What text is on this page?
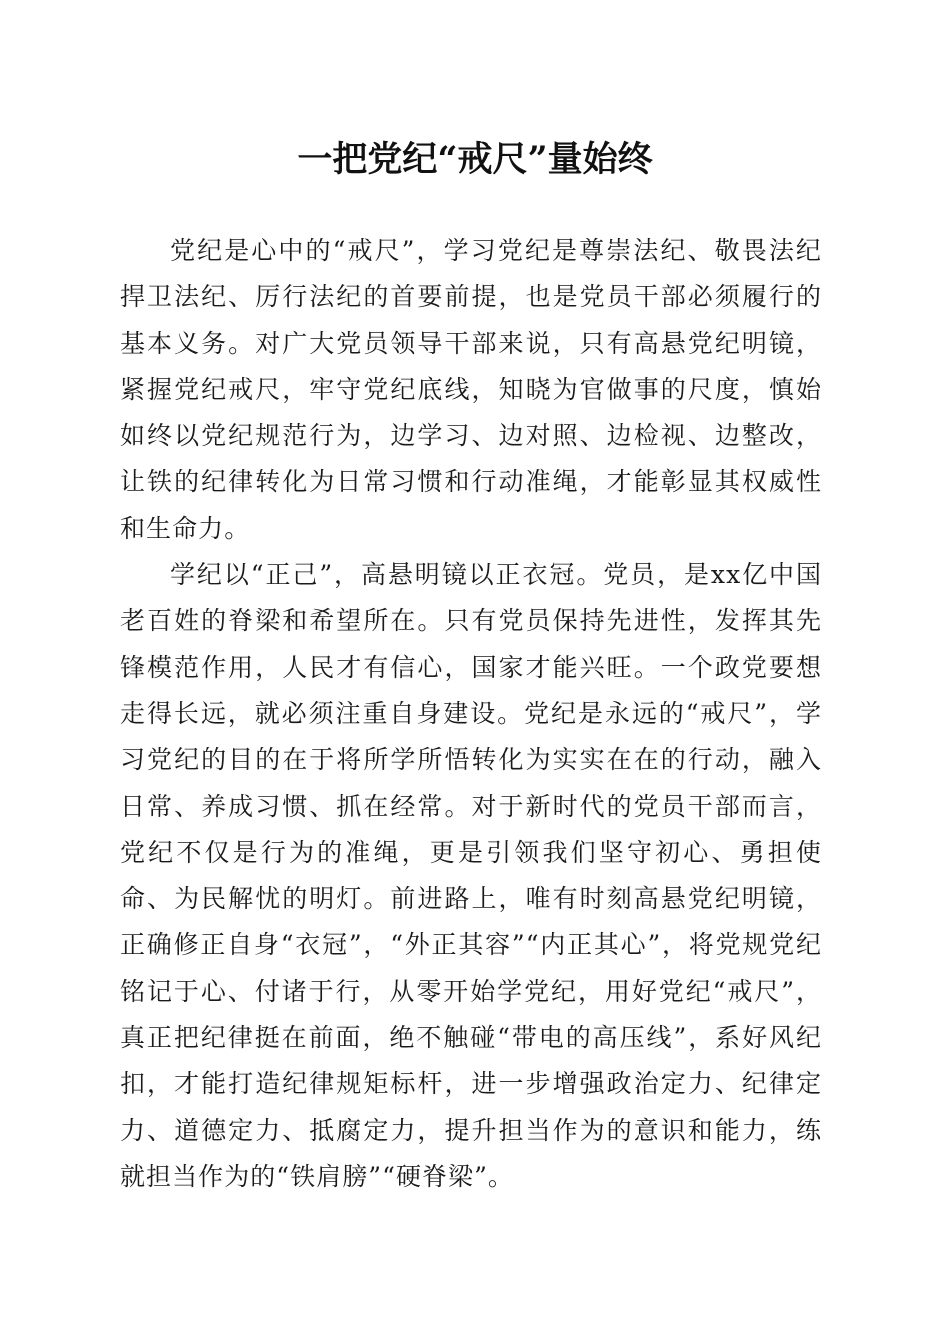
一把党纪“戒尺”量始终

党纪是心中的“戒尺”，学习党纪是尊崇法纪、敬畏法纪捍卫法纪、厉行法纪的首要前提，也是党员干部必须履行的基本义务。对广大党员领导干部来说，只有高悬党纪明镜，紧握党纪戒尺，牢守党纪底线，知晓为官做事的尺度，慎始如终以党纪规范行为，边学习、边对照、边检视、边整改，让铁的纪律转化为日常习惯和行动准绳，才能彰显其权威性和生命力。

学纪以“正己”，高悬明镜以正衣冠。党员，是xx亿中国老百姓的脊梁和希望所在。只有党员保持先进性，发挥其先锋模范作用，人民才有信心，国家才能兴旺。一个政党要想走得长远，就必须注重自身建设。党纪是永远的“戒尺”，学习党纪的目的在于将所学所悟转化为实实在在的行动，融入日常、养成习惯、抓在经常。对于新时代的党员干部而言，党纪不仅是行为的准绳，更是引领我们坚守初心、勇担使命、为民解忧的明灯。前进路上，唯有时刻高悬党纪明镜，正确修正自身“衣冠”，“外正其容”“内正其心”，将党规党纪铭记于心、付诸于行，从零开始学党纪，用好党纪“戒尺”，真正把纪律挺在前面，绝不触碰“带电的高压线”，系好风纪扣，才能打造纪律规矩标杆，进一步增强政治定力、纪律定力、道德定力、抵腐定力，提升担当作为的意识和能力，练就担当作为的“铁肩膀”“硬脊梁”。
